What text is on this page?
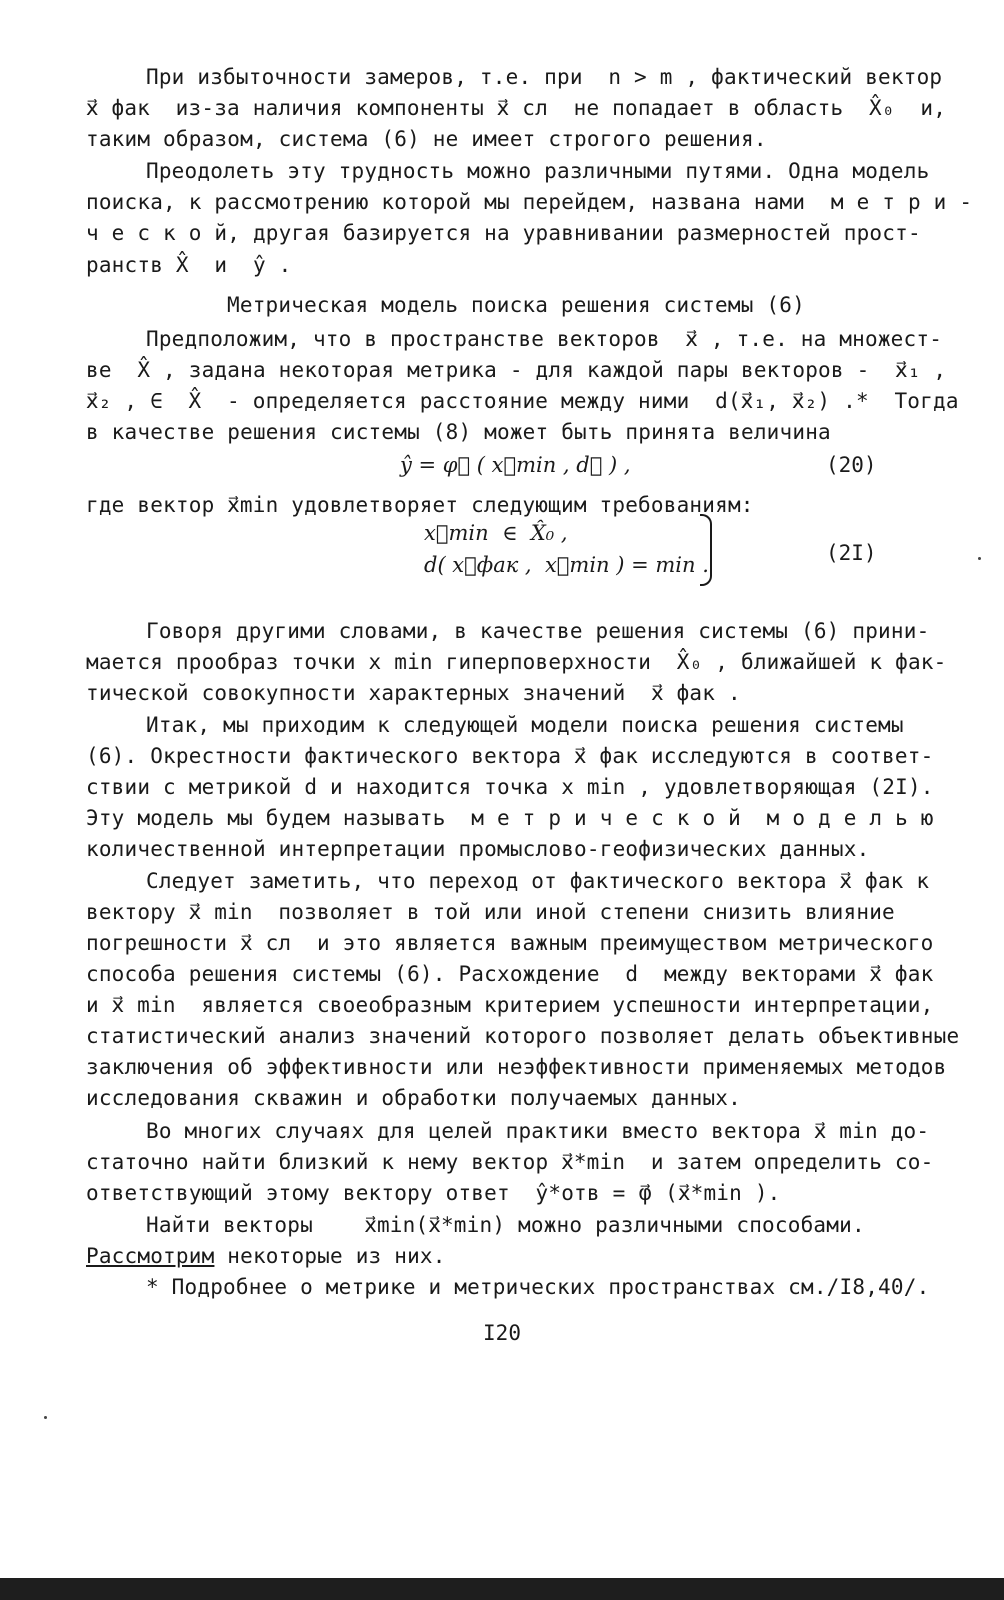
При избыточности замеров, т.е. при  n > m , фактический вектор
x⃗ фак  из-за наличия компоненты x⃗ сл  не попадает в область  X̂₀  и,
таким образом, система (6) не имеет строгого решения.
Преодолеть эту трудность можно различными путями. Одна модель
поиска, к рассмотрению которой мы перейдем, названа нами  м е т р и -
ч е с к о й, другая базируется на уравнивании размерностей прост-
ранств X̂  и  ŷ .
Метрическая модель поиска решения системы (6)
Предположим, что в пространстве векторов  x⃗ , т.е. на множест-
ве  X̂ , задана некоторая метрика - для каждой пары векторов -  x⃗₁ ,
x⃗₂ , ∈  X̂  - определяется расстояние между ними  d(x⃗₁, x⃗₂) .*  Тогда
в качестве решения системы (8) может быть принята величина
ŷ = φ⃗ ( x⃗min , d⃗ ) ,	(20)
где вектор x⃗min удовлетворяет следующим требованиям:
x⃗min  ∈  X̂₀ ,
d( x⃗фак ,  x⃗min ) = min .	(2I)
Говоря другими словами, в качестве решения системы (6) прини-
мается прообраз точки x min гиперповерхности  X̂₀ , ближайшей к фак-
тической совокупности характерных значений  x⃗ фак .
Итак, мы приходим к следующей модели поиска решения системы
(6). Окрестности фактического вектора x⃗ фак исследуются в соответ-
ствии с метрикой d и находится точка x min , удовлетворяющая (2I).
Эту модель мы будем называть  м е т р и ч е с к о й  м о д е л ь ю
количественной интерпретации промыслово-геофизических данных.
Следует заметить, что переход от фактического вектора x⃗ фак к
вектору x⃗ min  позволяет в той или иной степени снизить влияние
погрешности x⃗ сл  и это является важным преимуществом метрического
способа решения системы (6). Расхождение  d  между векторами x⃗ фак
и x⃗ min  является своеобразным критерием успешности интерпретации,
статистический анализ значений которого позволяет делать объективные
заключения об эффективности или неэффективности применяемых методов
исследования скважин и обработки получаемых данных.
Во многих случаях для целей практики вместо вектора x⃗ min до-
статочно найти близкий к нему вектор x⃗*min  и затем определить со-
ответствующий этому вектору ответ  ŷ*отв = φ⃗ (x⃗*min ).
Найти векторы    x⃗min(x⃗*min) можно различными способами.
Рассмотрим некоторые из них.
* Подробнее о метрике и метрических пространствах см./I8,40/.
I20
